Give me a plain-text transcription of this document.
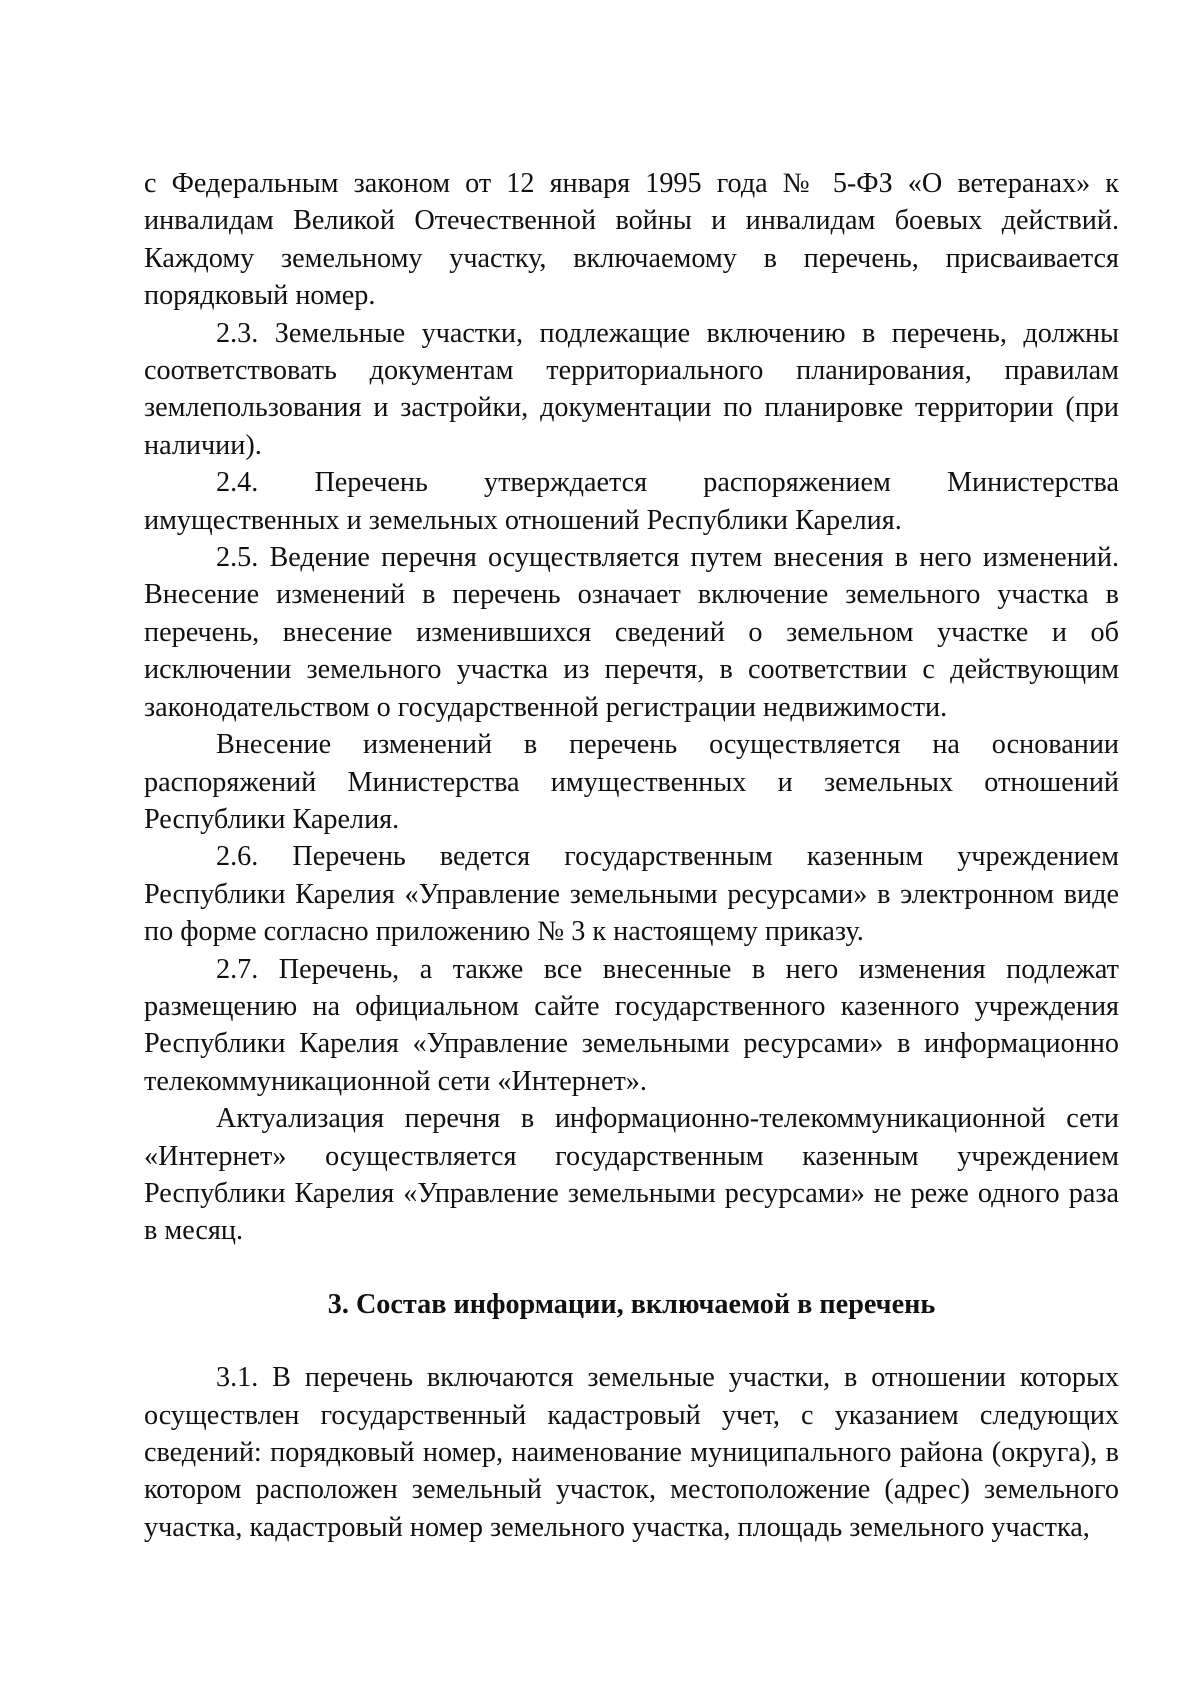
с Федеральным законом от 12 января 1995 года № 5-ФЗ «О ветеранах» к инвалидам Великой Отечественной войны и инвалидам боевых действий. Каждому земельному участку, включаемому в перечень, присваивается порядковый номер.

2.3. Земельные участки, подлежащие включению в перечень, должны соответствовать документам территориального планирования, правилам землепользования и застройки, документации по планировке территории (при наличии).

2.4. Перечень утверждается распоряжением Министерства имущественных и земельных отношений Республики Карелия.

2.5. Ведение перечня осуществляется путем внесения в него изменений. Внесение изменений в перечень означает включение земельного участка в перечень, внесение изменившихся сведений о земельном участке и об исключении земельного участка из перечтя, в соответствии с действующим законодательством о государственной регистрации недвижимости.

Внесение изменений в перечень осуществляется на основании распоряжений Министерства имущественных и земельных отношений Республики Карелия.

2.6. Перечень ведется государственным казенным учреждением Республики Карелия «Управление земельными ресурсами» в электронном виде по форме согласно приложению № 3 к настоящему приказу.

2.7. Перечень, а также все внесенные в него изменения подлежат размещению на официальном сайте государственного казенного учреждения Республики Карелия «Управление земельными ресурсами» в информационно телекоммуникационной сети «Интернет».

Актуализация перечня в информационно-телекоммуникационной сети «Интернет» осуществляется государственным казенным учреждением Республики Карелия «Управление земельными ресурсами» не реже одного раза в месяц.

3. Состав информации, включаемой в перечень

3.1. В перечень включаются земельные участки, в отношении которых осуществлен государственный кадастровый учет, с указанием следующих сведений: порядковый номер, наименование муниципального района (округа), в котором расположен земельный участок, местоположение (адрес) земельного участка, кадастровый номер земельного участка, площадь земельного участка,
